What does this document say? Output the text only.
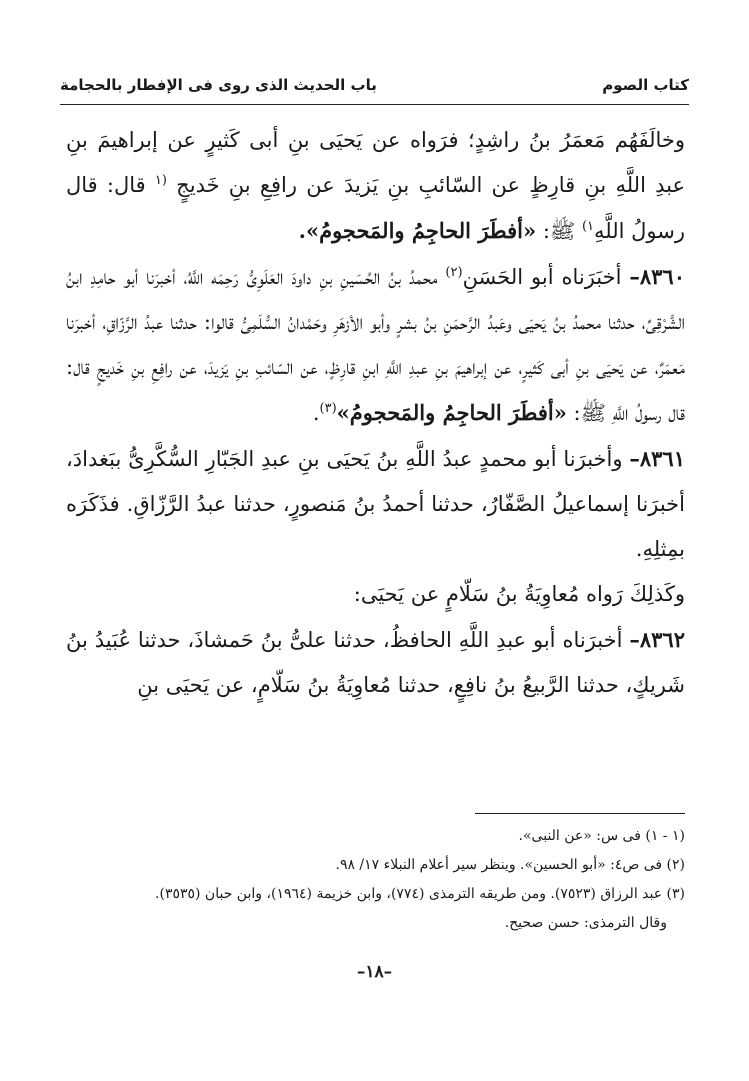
كتاب الصوم
باب الحديث الذى روى فى الإفطار بالحجامة

وخالَفَهُم مَعمَرُ بنُ راشِدٍ؛ فرَواه عن يَحيَى بنِ أبى كَثيرٍ عن إبراهيمَ بنِ عبدِ اللَّهِ بنِ قارِظٍ عن السّائبِ بنِ يَزيدَ عن رافِعِ بنِ خَديجٍ $^{(١}$ قال: قال رسولُ اللَّهِ$^{١)}$ ﷺ: «أفطَرَ الحاجِمُ والمَحجومُ».

٨٣٦٠– أخبَرَناه أبو الحَسَنِ$^{(٢)}$ محمدُ بنُ الحُسَينِ بنِ داودَ العَلَوِىُّ رَحِمَه اللَّهُ، أخبرَنا أبو حامِدِ ابنُ الشَّرْقِىِّ، حدثنا محمدُ بنُ يَحيَى وعَبدُ الرَّحمَنِ بنُ بشرٍ وأبو الأزهَرِ وحَمْدانُ السُّلَمِىُّ قالوا: حدثنا عبدُ الرَّزّاقِ، أخبرَنا مَعمَرٌ، عن يَحيَى بنِ أبى كَثيرٍ، عن إبراهيمَ بنِ عبدِ اللَّهِ ابنِ قارِظٍ، عن السّائبِ بنِ يَزيدَ، عن رافِعِ بنِ خَديجٍ قال: قال رسولُ اللَّهِ ﷺ: «أفطَرَ الحاجِمُ والمَحجومُ»$^{(٣)}$.

٨٣٦١– وأخبرَنا أبو محمدٍ عبدُ اللَّهِ بنُ يَحيَى بنِ عبدِ الجَبّارِ السُّكَّرِىُّ ببَغدادَ، أخبرَنا إسماعيلُ الصَّفّارُ، حدثنا أحمدُ بنُ مَنصورٍ، حدثنا عبدُ الرَّزّاقِ. فذَكَرَه بمِثلِهِ.

وكَذلِكَ رَواه مُعاوِيَةُ بنُ سَلّامٍ عن يَحيَى:

٨٣٦٢– أخبرَناه أبو عبدِ اللَّهِ الحافظُ، حدثنا علىُّ بنُ حَمشاذَ، حدثنا عُبَيدُ بنُ شَريكٍ، حدثنا الرَّبيعُ بنُ نافِعٍ، حدثنا مُعاوِيَةُ بنُ سَلّامٍ، عن يَحيَى بنِ

(١ - ١) فى س: «عن النبى».

(٢) فى ص٤: «أبو الحسين». وينظر سير أعلام النبلاء ١٧/ ٩٨.

(٣) عبد الرزاق (٧٥٢٣). ومن طريقه الترمذى (٧٧٤)، وابن خزيمة (١٩٦٤)، وابن حبان (٣٥٣٥).

وقال الترمذى: حسن صحيح.

–١٨–
